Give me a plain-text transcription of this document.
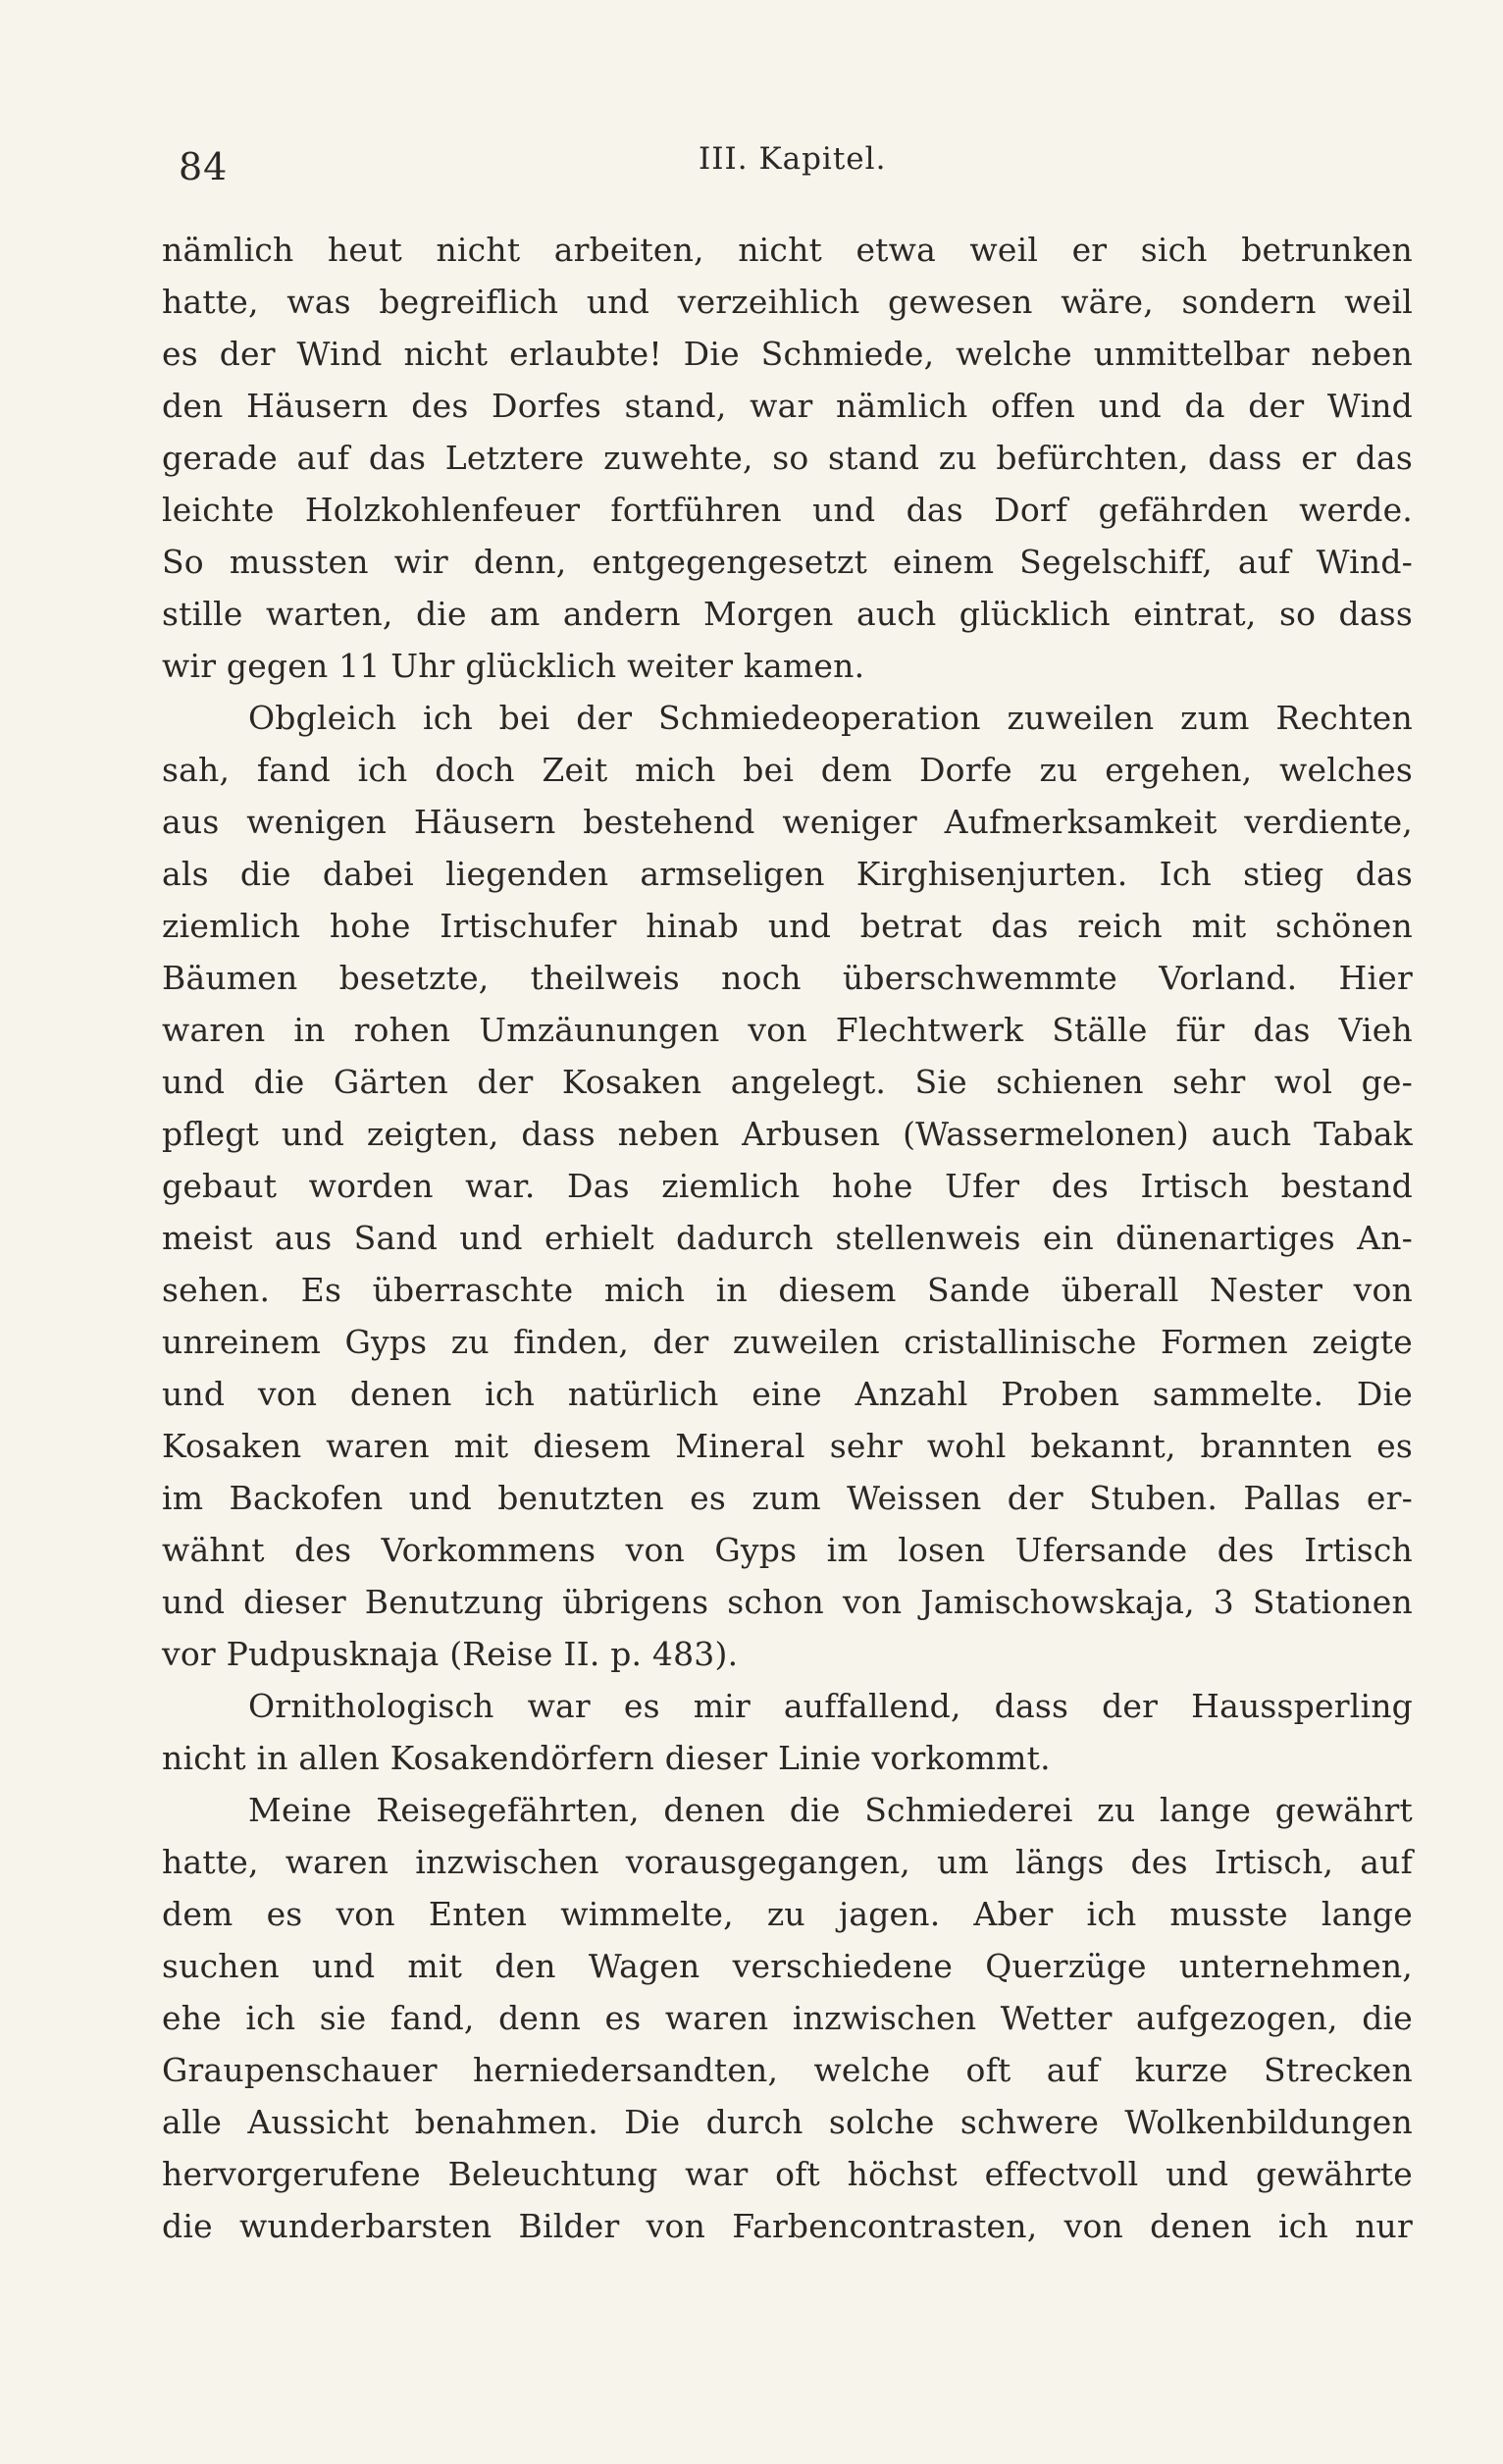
84	III. Kapitel.
nämlich heut nicht arbeiten, nicht etwa weil er sich betrunken
hatte, was begreiflich und verzeihlich gewesen wäre, sondern weil
es der Wind nicht erlaubte! Die Schmiede, welche unmittelbar neben
den Häusern des Dorfes stand, war nämlich offen und da der Wind
gerade auf das Letztere zuwehte, so stand zu befürchten, dass er das
leichte Holzkohlenfeuer fortführen und das Dorf gefährden werde.
So mussten wir denn, entgegengesetzt einem Segelschiff, auf Wind-
stille warten, die am andern Morgen auch glücklich eintrat, so dass
wir gegen 11 Uhr glücklich weiter kamen.
Obgleich ich bei der Schmiedeoperation zuweilen zum Rechten
sah, fand ich doch Zeit mich bei dem Dorfe zu ergehen, welches
aus wenigen Häusern bestehend weniger Aufmerksamkeit verdiente,
als die dabei liegenden armseligen Kirghisenjurten. Ich stieg das
ziemlich hohe Irtischufer hinab und betrat das reich mit schönen
Bäumen besetzte, theilweis noch überschwemmte Vorland. Hier
waren in rohen Umzäunungen von Flechtwerk Ställe für das Vieh
und die Gärten der Kosaken angelegt. Sie schienen sehr wol ge-
pflegt und zeigten, dass neben Arbusen (Wassermelonen) auch Tabak
gebaut worden war. Das ziemlich hohe Ufer des Irtisch bestand
meist aus Sand und erhielt dadurch stellenweis ein dünenartiges An-
sehen. Es überraschte mich in diesem Sande überall Nester von
unreinem Gyps zu finden, der zuweilen cristallinische Formen zeigte
und von denen ich natürlich eine Anzahl Proben sammelte. Die
Kosaken waren mit diesem Mineral sehr wohl bekannt, brannten es
im Backofen und benutzten es zum Weissen der Stuben. Pallas er-
wähnt des Vorkommens von Gyps im losen Ufersande des Irtisch
und dieser Benutzung übrigens schon von Jamischowskaja, 3 Stationen
vor Pudpusknaja (Reise II. p. 483).
Ornithologisch war es mir auffallend, dass der Haussperling
nicht in allen Kosakendörfern dieser Linie vorkommt.
Meine Reisegefährten, denen die Schmiederei zu lange gewährt
hatte, waren inzwischen vorausgegangen, um längs des Irtisch, auf
dem es von Enten wimmelte, zu jagen. Aber ich musste lange
suchen und mit den Wagen verschiedene Querzüge unternehmen,
ehe ich sie fand, denn es waren inzwischen Wetter aufgezogen, die
Graupenschauer herniedersandten, welche oft auf kurze Strecken
alle Aussicht benahmen. Die durch solche schwere Wolkenbildungen
hervorgerufene Beleuchtung war oft höchst effectvoll und gewährte
die wunderbarsten Bilder von Farbencontrasten, von denen ich nur
